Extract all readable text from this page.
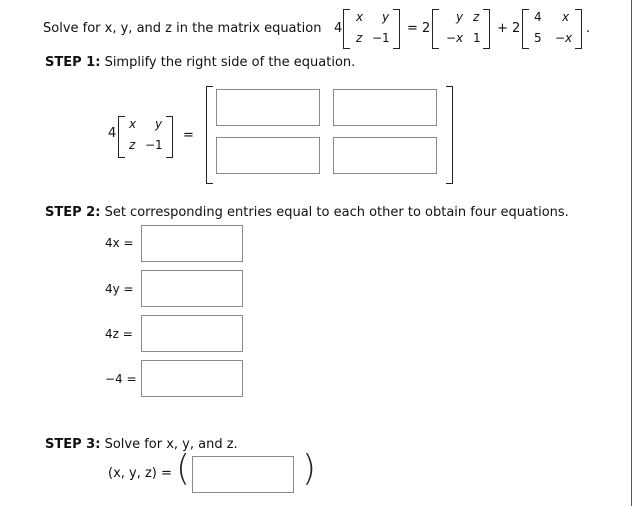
Solve for x, y, and z in the matrix equation 4
x y
z −1
= 2
y z
−x 1
+ 2
4 x
5 −x
.
STEP 1: Simplify the right side of the equation.
4
x y
z −1
=
STEP 2: Set corresponding entries equal to each other to obtain four equations.
4x =
4y =
4z =
−4 =
STEP 3: Solve for x, y, and z.
(x, y, z) = (	)
